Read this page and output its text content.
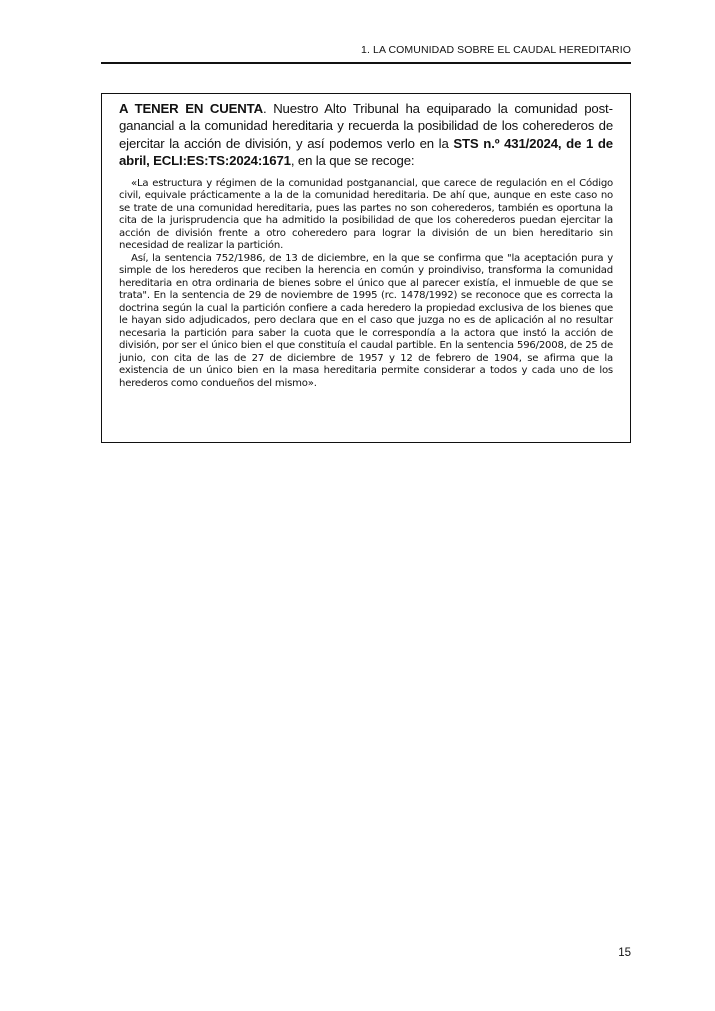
1. LA COMUNIDAD SOBRE EL CAUDAL HEREDITARIO

A TENER EN CUENTA. Nuestro Alto Tribunal ha equiparado la comunidad postganancial a la comunidad hereditaria y recuerda la posibilidad de los coherederos de ejercitar la acción de división, y así podemos verlo en la STS n.º 431/2024, de 1 de abril, ECLI:ES:TS:2024:1671, en la que se recoge:

«La estructura y régimen de la comunidad postganancial, que carece de regulación en el Código civil, equivale prácticamente a la de la comunidad hereditaria. De ahí que, aunque en este caso no se trate de una comunidad hereditaria, pues las partes no son coherederos, también es oportuna la cita de la jurisprudencia que ha admitido la posibilidad de que los coherederos puedan ejercitar la acción de división frente a otro coheredero para lograr la división de un bien hereditario sin necesidad de realizar la partición.

Así, la sentencia 752/1986, de 13 de diciembre, en la que se confirma que "la aceptación pura y simple de los herederos que reciben la herencia en común y proindiviso, transforma la comunidad hereditaria en otra ordinaria de bienes sobre el único que al parecer existía, el inmueble de que se trata". En la sentencia de 29 de noviembre de 1995 (rc. 1478/1992) se reconoce que es correcta la doctrina según la cual la partición confiere a cada heredero la propiedad exclusiva de los bienes que le hayan sido adjudicados, pero declara que en el caso que juzga no es de aplicación al no resultar necesaria la partición para saber la cuota que le correspondía a la actora que instó la acción de división, por ser el único bien el que constituía el caudal partible. En la sentencia 596/2008, de 25 de junio, con cita de las de 27 de diciembre de 1957 y 12 de febrero de 1904, se afirma que la existencia de un único bien en la masa hereditaria permite considerar a todos y cada uno de los herederos como condueños del mismo».

15
